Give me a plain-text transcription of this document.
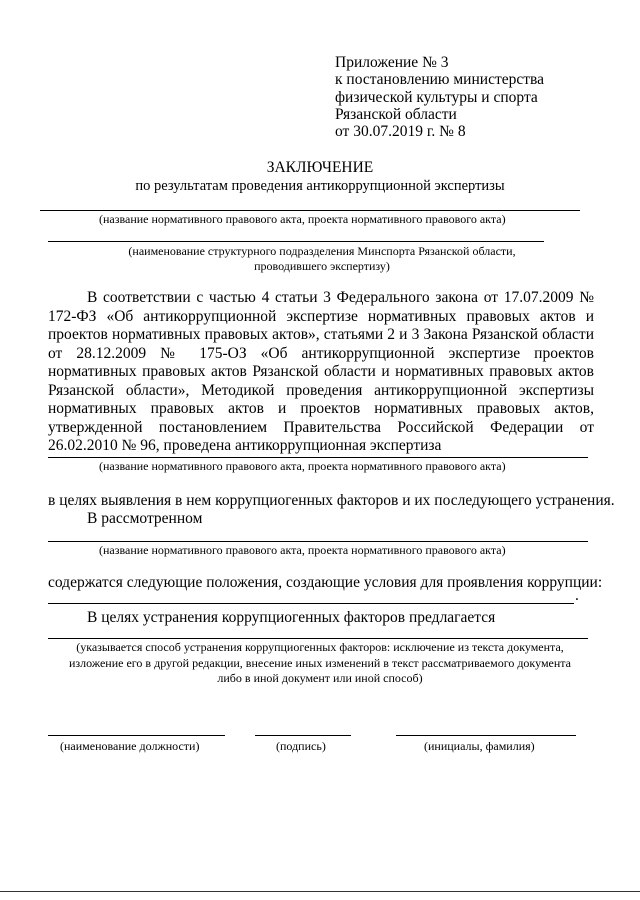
Приложение № 3
к постановлению министерства
физической культуры и спорта
Рязанской области
от 30.07.2019 г. № 8
ЗАКЛЮЧЕНИЕ
по результатам проведения антикоррупционной экспертизы
(название нормативного правового акта, проекта нормативного правового акта)
(наименование структурного подразделения Минспорта Рязанской области,
проводившего экспертизу)
В соответствии с частью 4 статьи 3 Федерального закона от 17.07.2009 № 172-ФЗ «Об антикоррупционной экспертизе нормативных правовых актов и проектов нормативных правовых актов», статьями 2 и 3 Закона Рязанской области от 28.12.2009 № 175-ОЗ «Об антикоррупционной экспертизе проектов нормативных правовых актов Рязанской области и нормативных правовых актов Рязанской области», Методикой проведения антикоррупционной экспертизы нормативных правовых актов и проектов нормативных правовых актов, утвержденной постановлением Правительства Российской Федерации от 26.02.2010 № 96, проведена антикоррупционная экспертиза
(название нормативного правового акта, проекта нормативного правового акта)
в целях выявления в нем коррупциогенных факторов и их последующего устранения.
В рассмотренном
(название нормативного правового акта, проекта нормативного правового акта)
содержатся следующие положения, создающие условия для проявления коррупции:
.
В целях устранения коррупциогенных факторов предлагается
(указывается способ устранения коррупциогенных факторов: исключение из текста документа,
изложение его в другой редакции, внесение иных изменений в текст рассматриваемого документа
либо в иной документ или иной способ)
(наименование должности)	(подпись)	(инициалы, фамилия)
